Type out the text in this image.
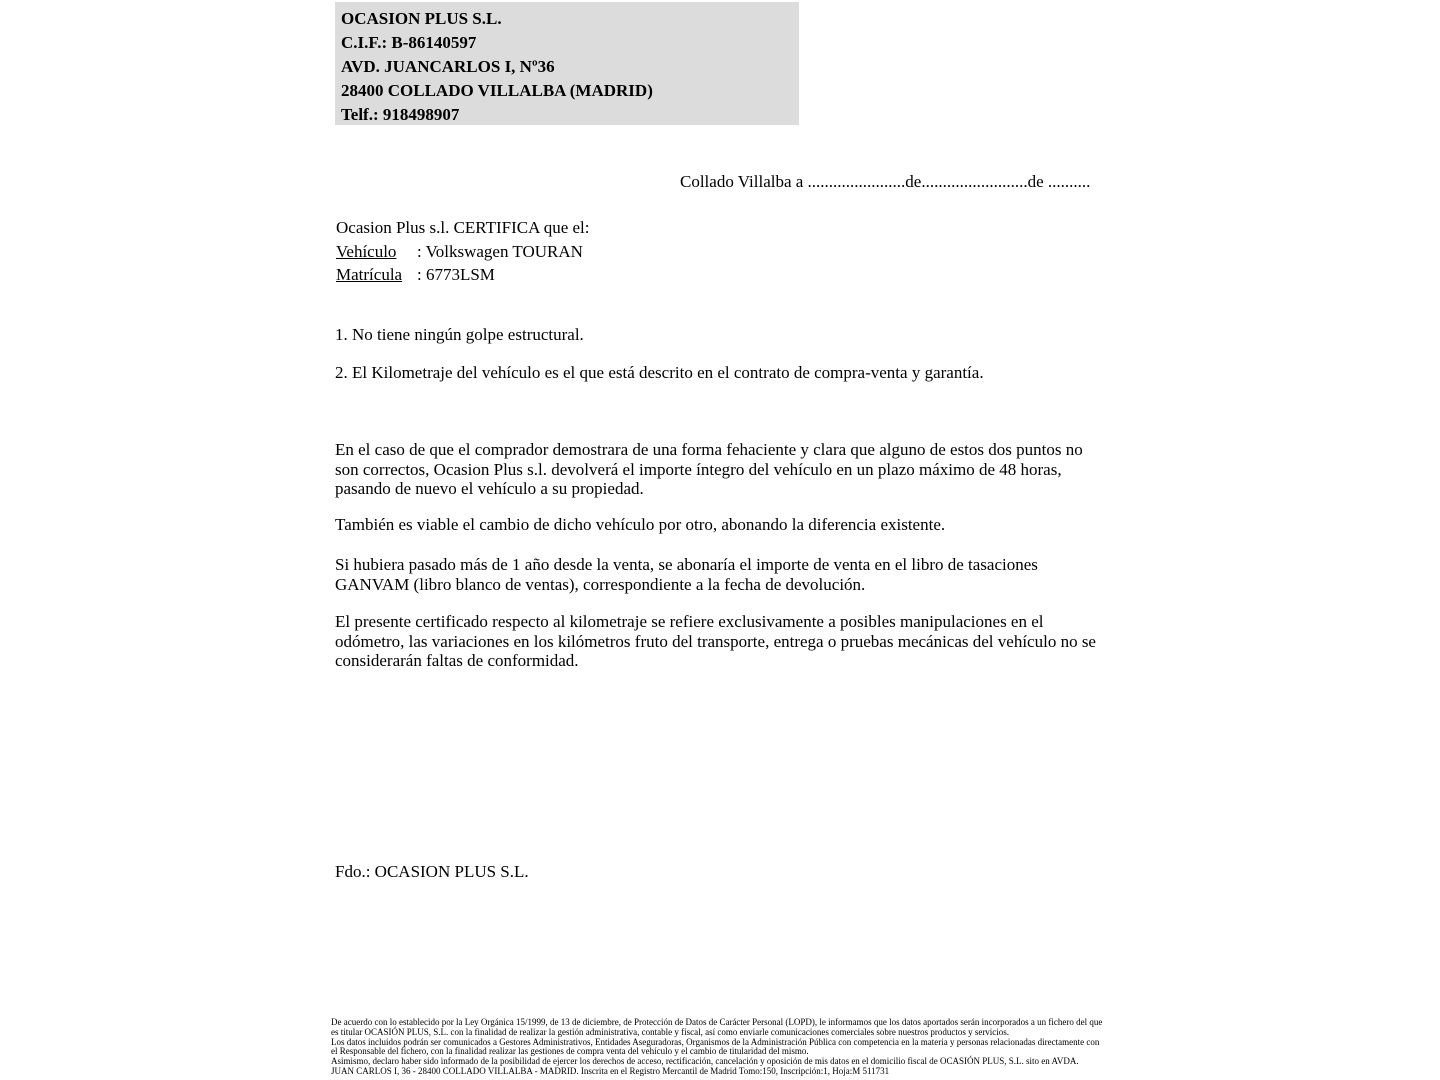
OCASION PLUS S.L.
C.I.F.: B-86140597
AVD. JUANCARLOS I, Nº36
28400 COLLADO VILLALBA (MADRID)
Telf.: 918498907
Collado Villalba a .......................de.........................de ..........
Ocasion Plus s.l. CERTIFICA que el:
Vehículo	: Volkswagen TOURAN
Matrícula : 6773LSM
1. No tiene ningún golpe estructural.
2. El Kilometraje del vehículo es el que está descrito en el contrato de compra-venta y garantía.
En el caso de que el comprador demostrara de una forma fehaciente y clara que alguno de estos dos puntos no son correctos, Ocasion Plus s.l. devolverá el importe íntegro del vehículo en un plazo máximo de 48 horas, pasando de nuevo el vehículo a su propiedad.
También es viable el cambio de dicho vehículo por otro, abonando la diferencia existente.
Si hubiera pasado más de 1 año desde la venta, se abonaría el importe de venta en el libro de tasaciones GANVAM (libro blanco de ventas), correspondiente a la fecha de devolución.
El presente certificado respecto al kilometraje se refiere exclusivamente a posibles manipulaciones en el odómetro, las variaciones en los kilómetros fruto del transporte, entrega o pruebas mecánicas del vehículo no se considerarán faltas de conformidad.
Fdo.: OCASION PLUS S.L.
De acuerdo con lo establecido por la Ley Orgánica 15/1999, de 13 de diciembre, de Protección de Datos de Carácter Personal (LOPD), le informamos que los datos aportados serán incorporados a un fichero del que es titular OCASIÓN PLUS, S.L. con la finalidad de realizar la gestión administrativa, contable y fiscal, así como enviarle comunicaciones comerciales sobre nuestros productos y servicios.
Los datos incluidos podrán ser comunicados a Gestores Administrativos, Entidades Aseguradoras, Organismos de la Administración Pública con competencia en la materia y personas relacionadas directamente con el Responsable del fichero, con la finalidad realizar las gestiones de compra venta del vehículo y el cambio de titularidad del mismo.
Asimismo, declaro haber sido informado de la posibilidad de ejercer los derechos de acceso, rectificación, cancelación y oposición de mis datos en el domicilio fiscal de OCASIÓN PLUS, S.L. sito en AVDA. JUAN CARLOS I, 36 - 28400 COLLADO VILLALBA - MADRID. Inscrita en el Registro Mercantil de Madrid Tomo:150, Inscripción:1, Hoja:M 511731
